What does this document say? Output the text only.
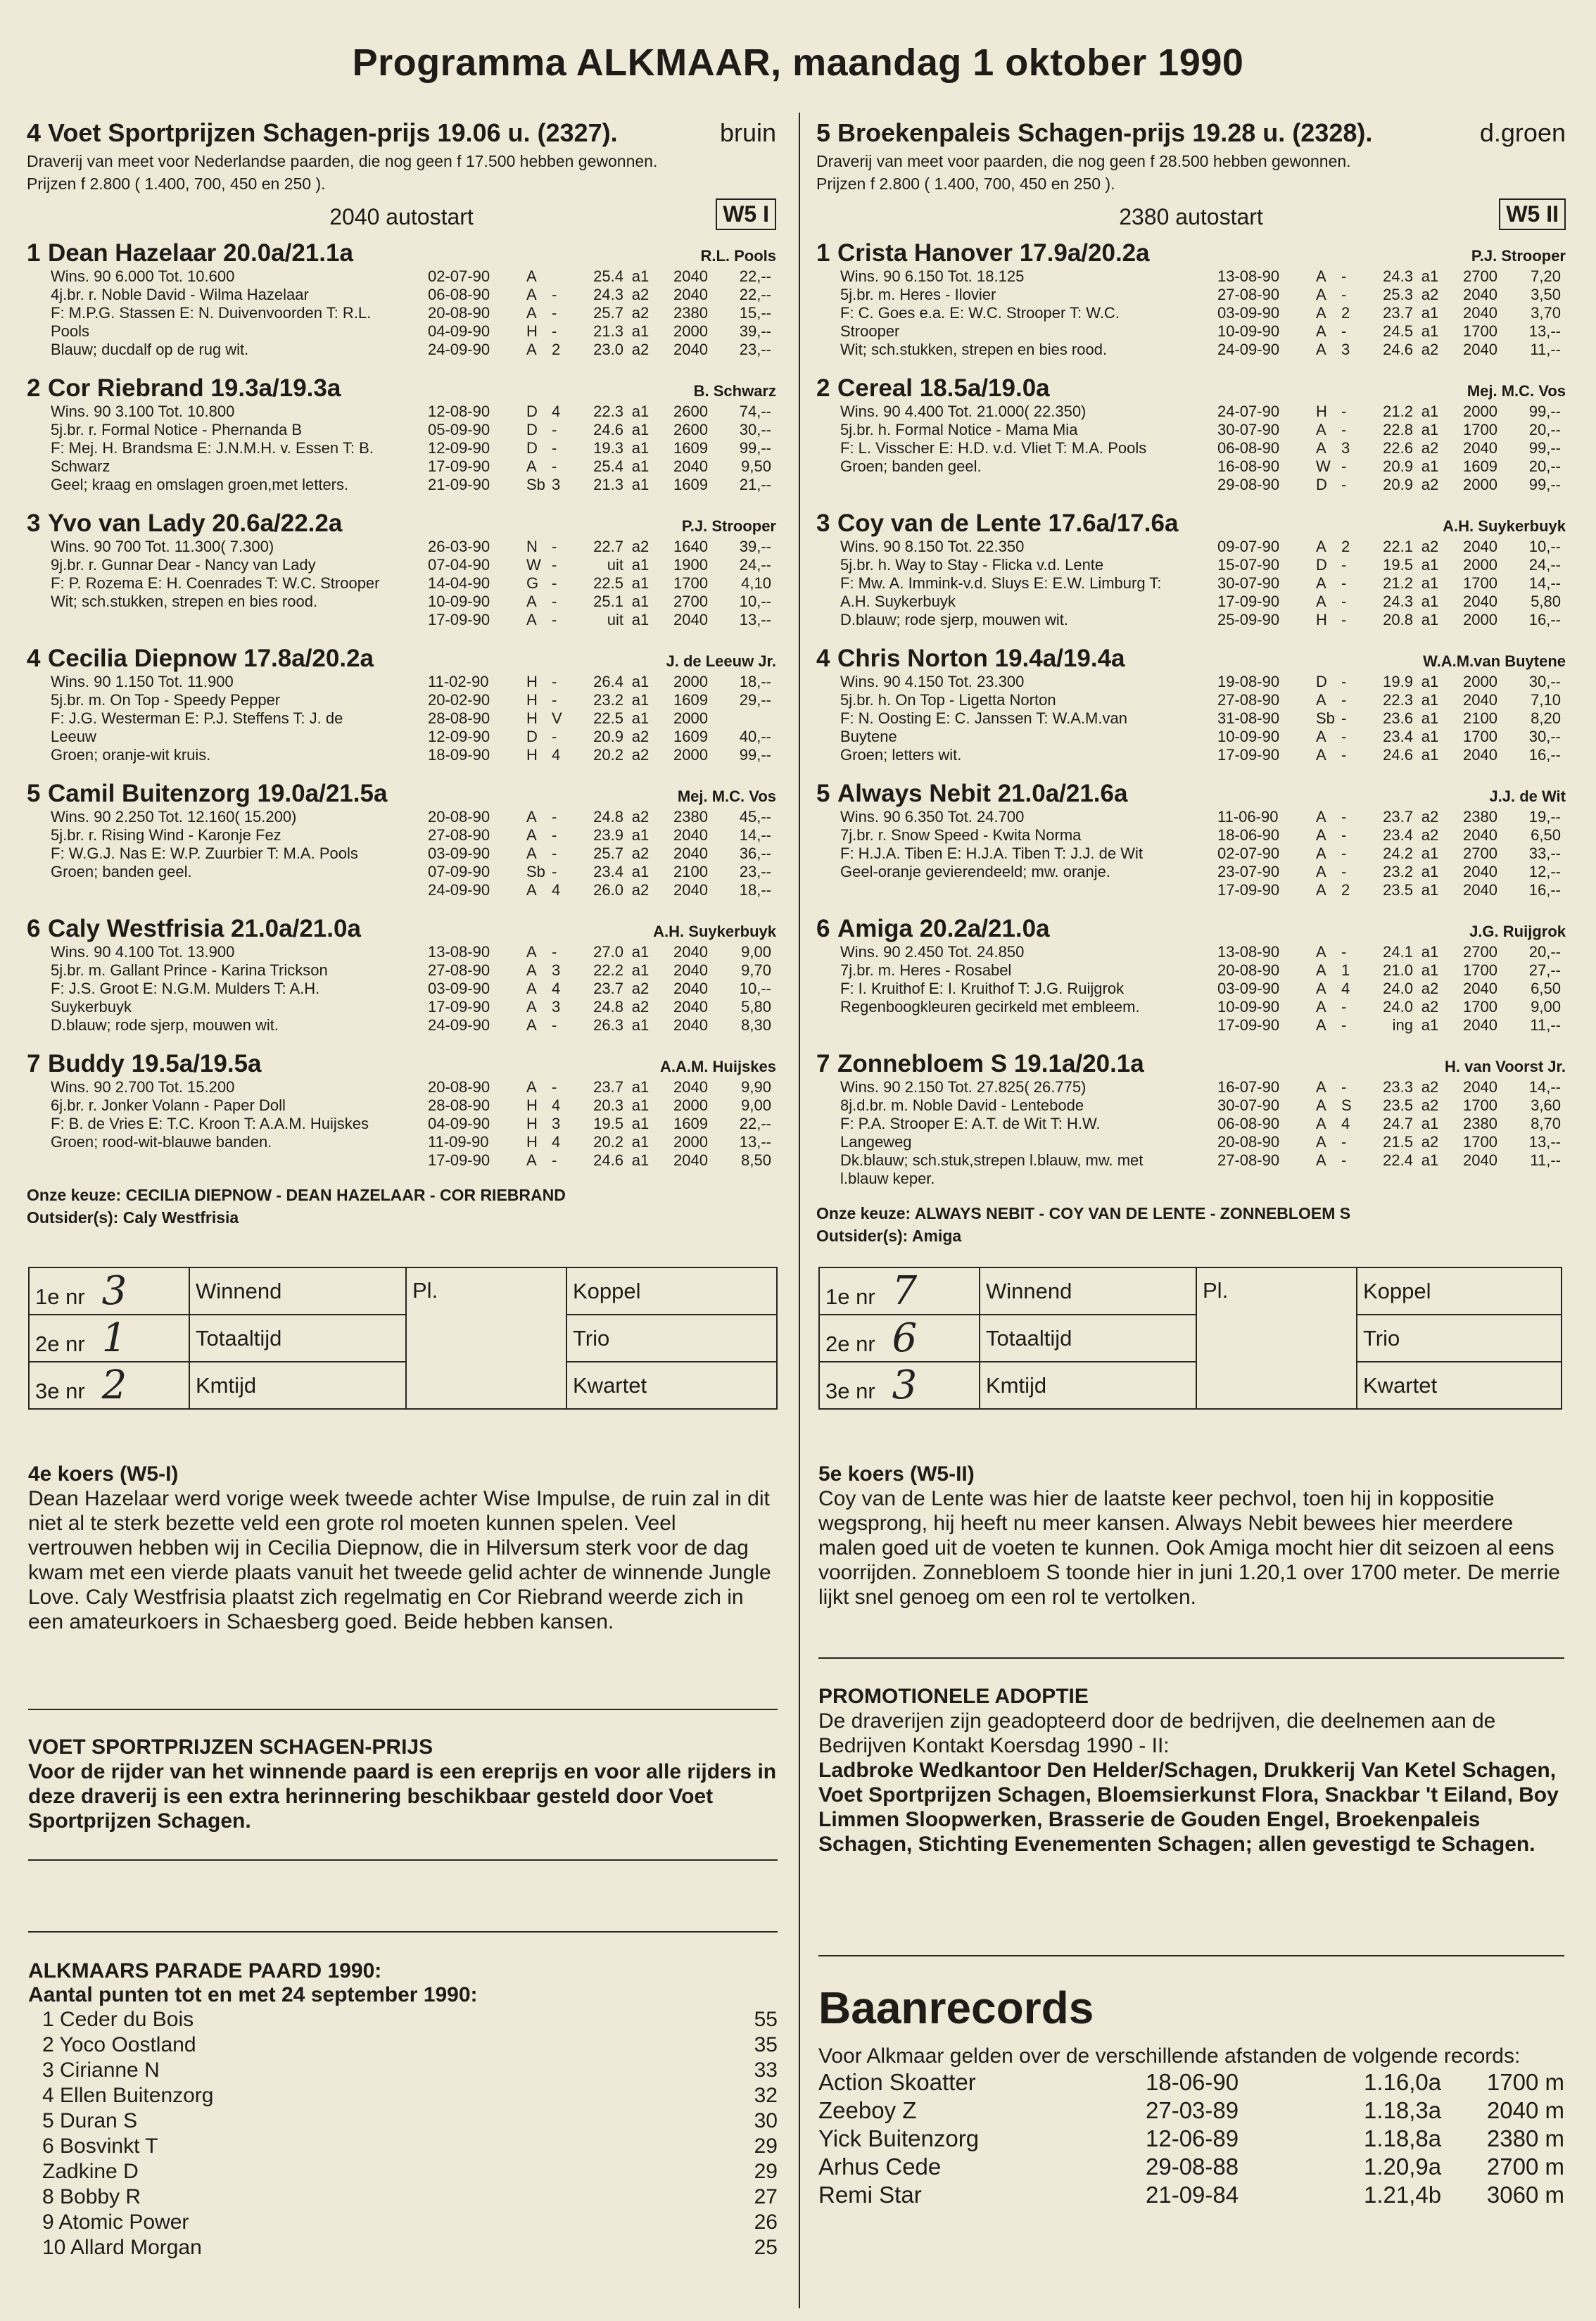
Programma ALKMAAR, maandag 1 oktober 1990
4 Voet Sportprijzen Schagen-prijs 19.06 u. (2327).	bruin
Draverij van meet voor Nederlandse paarden, die nog geen f 17.500 hebben gewonnen.
Prijzen f 2.800 ( 1.400, 700, 450 en 250 ).
2040 autostart	W5 I
1 Dean Hazelaar 20.0a/21.1a	R.L. Pools
Wins. 90 6.000 Tot. 10.600
4j.br. r. Noble David - Wilma Hazelaar
F: M.P.G. Stassen E: N. Duivenvoorden T: R.L.
Pools
Blauw; ducdalf op de rug wit.
02-07-90	A	25.4 a1	2040	22,--
06-08-90	A -	24.3 a2	2040	22,--
20-08-90	A -	25.7 a2	2380	15,--
04-09-90	H -	21.3 a1	2000	39,--
24-09-90	A 2	23.0 a2	2040	23,--
2 Cor Riebrand 19.3a/19.3a	B. Schwarz
Wins. 90 3.100 Tot. 10.800
5j.br. r. Formal Notice - Phernanda B
F: Mej. H. Brandsma E: J.N.M.H. v. Essen T: B.
Schwarz
Geel; kraag en omslagen groen,met letters.
12-08-90	D 4	22.3 a1	2600	74,--
05-09-90	D -	24.6 a1	2600	30,--
12-09-90	D -	19.3 a1	1609	99,--
17-09-90	A -	25.4 a1	2040	9,50
21-09-90	Sb 3	21.3 a1	1609	21,--
3 Yvo van Lady 20.6a/22.2a	P.J. Strooper
Wins. 90 700 Tot. 11.300( 7.300)
9j.br. r. Gunnar Dear - Nancy van Lady
F: P. Rozema E: H. Coenrades T: W.C. Strooper
Wit; sch.stukken, strepen en bies rood.
26-03-90	N -	22.7 a2	1640	39,--
07-04-90	W -	uit a1	1900	24,--
14-04-90	G -	22.5 a1	1700	4,10
10-09-90	A -	25.1 a1	2700	10,--
17-09-90	A -	uit a1	2040	13,--
4 Cecilia Diepnow 17.8a/20.2a	J. de Leeuw Jr.
Wins. 90 1.150 Tot. 11.900
5j.br. m. On Top - Speedy Pepper
F: J.G. Westerman E: P.J. Steffens T: J. de
Leeuw
Groen; oranje-wit kruis.
11-02-90	H -	26.4 a1	2000	18,--
20-02-90	H -	23.2 a1	1609	29,--
28-08-90	H V	22.5 a1	2000
12-09-90	D -	20.9 a2	1609	40,--
18-09-90	H 4	20.2 a2	2000	99,--
5 Camil Buitenzorg 19.0a/21.5a	Mej. M.C. Vos
Wins. 90 2.250 Tot. 12.160( 15.200)
5j.br. r. Rising Wind - Karonje Fez
F: W.G.J. Nas E: W.P. Zuurbier T: M.A. Pools
Groen; banden geel.
20-08-90	A -	24.8 a2	2380	45,--
27-08-90	A -	23.9 a1	2040	14,--
03-09-90	A -	25.7 a2	2040	36,--
07-09-90	Sb -	23.4 a1	2100	23,--
24-09-90	A 4	26.0 a2	2040	18,--
6 Caly Westfrisia 21.0a/21.0a	A.H. Suykerbuyk
Wins. 90 4.100 Tot. 13.900
5j.br. m. Gallant Prince - Karina Trickson
F: J.S. Groot E: N.G.M. Mulders T: A.H.
Suykerbuyk
D.blauw; rode sjerp, mouwen wit.
13-08-90	A -	27.0 a1	2040	9,00
27-08-90	A 3	22.2 a1	2040	9,70
03-09-90	A 4	23.7 a2	2040	10,--
17-09-90	A 3	24.8 a2	2040	5,80
24-09-90	A -	26.3 a1	2040	8,30
7 Buddy 19.5a/19.5a	A.A.M. Huijskes
Wins. 90 2.700 Tot. 15.200
6j.br. r. Jonker Volann - Paper Doll
F: B. de Vries E: T.C. Kroon T: A.A.M. Huijskes
Groen; rood-wit-blauwe banden.
20-08-90	A -	23.7 a1	2040	9,90
28-08-90	H 4	20.3 a1	2000	9,00
04-09-90	H 3	19.5 a1	1609	22,--
11-09-90	H 4	20.2 a1	2000	13,--
17-09-90	A -	24.6 a1	2040	8,50
Onze keuze: CECILIA DIEPNOW - DEAN HAZELAAR - COR RIEBRAND
Outsider(s): Caly Westfrisia
5 Broekenpaleis Schagen-prijs 19.28 u. (2328).	d.groen
Draverij van meet voor paarden, die nog geen f 28.500 hebben gewonnen.
Prijzen f 2.800 ( 1.400, 700, 450 en 250 ).
2380 autostart	W5 II
1 Crista Hanover 17.9a/20.2a	P.J. Strooper
Wins. 90 6.150 Tot. 18.125
5j.br. m. Heres - Ilovier
F: C. Goes e.a. E: W.C. Strooper T: W.C.
Strooper
Wit; sch.stukken, strepen en bies rood.
13-08-90	A -	24.3 a1	2700	7,20
27-08-90	A -	25.3 a2	2040	3,50
03-09-90	A 2	23.7 a1	2040	3,70
10-09-90	A -	24.5 a1	1700	13,--
24-09-90	A 3	24.6 a2	2040	11,--
2 Cereal 18.5a/19.0a	Mej. M.C. Vos
Wins. 90 4.400 Tot. 21.000( 22.350)
5j.br. h. Formal Notice - Mama Mia
F: L. Visscher E: H.D. v.d. Vliet T: M.A. Pools
Groen; banden geel.
24-07-90	H -	21.2 a1	2000	99,--
30-07-90	A -	22.8 a1	1700	20,--
06-08-90	A 3	22.6 a2	2040	99,--
16-08-90	W -	20.9 a1	1609	20,--
29-08-90	D -	20.9 a2	2000	99,--
3 Coy van de Lente 17.6a/17.6a	A.H. Suykerbuyk
Wins. 90 8.150 Tot. 22.350
5j.br. h. Way to Stay - Flicka v.d. Lente
F: Mw. A. Immink-v.d. Sluys E: E.W. Limburg T:
A.H. Suykerbuyk
D.blauw; rode sjerp, mouwen wit.
09-07-90	A 2	22.1 a2	2040	10,--
15-07-90	D -	19.5 a1	2000	24,--
30-07-90	A -	21.2 a1	1700	14,--
17-09-90	A -	24.3 a1	2040	5,80
25-09-90	H -	20.8 a1	2000	16,--
4 Chris Norton 19.4a/19.4a	W.A.M.van Buytene
Wins. 90 4.150 Tot. 23.300
5j.br. h. On Top - Ligetta Norton
F: N. Oosting E: C. Janssen T: W.A.M.van
Buytene
Groen; letters wit.
19-08-90	D -	19.9 a1	2000	30,--
27-08-90	A -	22.3 a1	2040	7,10
31-08-90	Sb -	23.6 a1	2100	8,20
10-09-90	A -	23.4 a1	1700	30,--
17-09-90	A -	24.6 a1	2040	16,--
5 Always Nebit 21.0a/21.6a	J.J. de Wit
Wins. 90 6.350 Tot. 24.700
7j.br. r. Snow Speed - Kwita Norma
F: H.J.A. Tiben E: H.J.A. Tiben T: J.J. de Wit
Geel-oranje gevierendeeld; mw. oranje.
11-06-90	A -	23.7 a2	2380	19,--
18-06-90	A -	23.4 a2	2040	6,50
02-07-90	A -	24.2 a1	2700	33,--
23-07-90	A -	23.2 a1	2040	12,--
17-09-90	A 2	23.5 a1	2040	16,--
6 Amiga 20.2a/21.0a	J.G. Ruijgrok
Wins. 90 2.450 Tot. 24.850
7j.br. m. Heres - Rosabel
F: I. Kruithof E: I. Kruithof T: J.G. Ruijgrok
Regenboogkleuren gecirkeld met embleem.
13-08-90	A -	24.1 a1	2700	20,--
20-08-90	A 1	21.0 a1	1700	27,--
03-09-90	A 4	24.0 a2	2040	6,50
10-09-90	A -	24.0 a2	1700	9,00
17-09-90	A -	ing a1	2040	11,--
7 Zonnebloem S 19.1a/20.1a	H. van Voorst Jr.
Wins. 90 2.150 Tot. 27.825( 26.775)
8j.d.br. m. Noble David - Lentebode
F: P.A. Strooper E: A.T. de Wit T: H.W.
Langeweg
Dk.blauw; sch.stuk,strepen l.blauw, mw. met
l.blauw keper.
16-07-90	A -	23.3 a2	2040	14,--
30-07-90	A S	23.5 a2	1700	3,60
06-08-90	A 4	24.7 a1	2380	8,70
20-08-90	A -	21.5 a2	1700	13,--
27-08-90	A -	22.4 a1	2040	11,--
Onze keuze: ALWAYS NEBIT - COY VAN DE LENTE - ZONNEBLOEM S
Outsider(s): Amiga
1e nr 3	Winnend	Pl.	Koppel
2e nr 1	Totaaltijd		Trio
3e nr 2	Kmtijd		Kwartet
1e nr 7	Winnend	Pl.	Koppel
2e nr 6	Totaaltijd		Trio
3e nr 3	Kmtijd		Kwartet
4e koers (W5-I)
Dean Hazelaar werd vorige week tweede achter Wise Impulse, de ruin zal in dit niet al te sterk bezette veld een grote rol moeten kunnen spelen. Veel vertrouwen hebben wij in Cecilia Diepnow, die in Hilversum sterk voor de dag kwam met een vierde plaats vanuit het tweede gelid achter de winnende Jungle Love. Caly Westfrisia plaatst zich regelmatig en Cor Riebrand weerde zich in een amateurkoers in Schaesberg goed. Beide hebben kansen.
VOET SPORTPRIJZEN SCHAGEN-PRIJS
Voor de rijder van het winnende paard is een ereprijs en voor alle rijders in deze draverij is een extra herinnering beschikbaar gesteld door Voet Sportprijzen Schagen.
ALKMAARS PARADE PAARD 1990:
Aantal punten tot en met 24 september 1990:
1 Ceder du Bois	55
2 Yoco Oostland	35
3 Cirianne N	33
4 Ellen Buitenzorg	32
5 Duran S	30
6 Bosvinkt T	29
Zadkine D	29
8 Bobby R	27
9 Atomic Power	26
10 Allard Morgan	25
5e koers (W5-II)
Coy van de Lente was hier de laatste keer pechvol, toen hij in koppositie wegsprong, hij heeft nu meer kansen. Always Nebit bewees hier meerdere malen goed uit de voeten te kunnen. Ook Amiga mocht hier dit seizoen al eens voorrijden. Zonnebloem S toonde hier in juni 1.20,1 over 1700 meter. De merrie lijkt snel genoeg om een rol te vertolken.
PROMOTIONELE ADOPTIE
De draverijen zijn geadopteerd door de bedrijven, die deelnemen aan de Bedrijven Kontakt Koersdag 1990 - II:
Ladbroke Wedkantoor Den Helder/Schagen, Drukkerij Van Ketel Schagen, Voet Sportprijzen Schagen, Bloemsierkunst Flora, Snackbar 't Eiland, Boy Limmen Sloopwerken, Brasserie de Gouden Engel, Broekenpaleis Schagen, Stichting Evenementen Schagen; allen gevestigd te Schagen.
Baanrecords
Voor Alkmaar gelden over de verschillende afstanden de volgende records:
Action Skoatter	18-06-90	1.16,0a	1700 m
Zeeboy Z	27-03-89	1.18,3a	2040 m
Yick Buitenzorg	12-06-89	1.18,8a	2380 m
Arhus Cede	29-08-88	1.20,9a	2700 m
Remi Star	21-09-84	1.21,4b	3060 m
